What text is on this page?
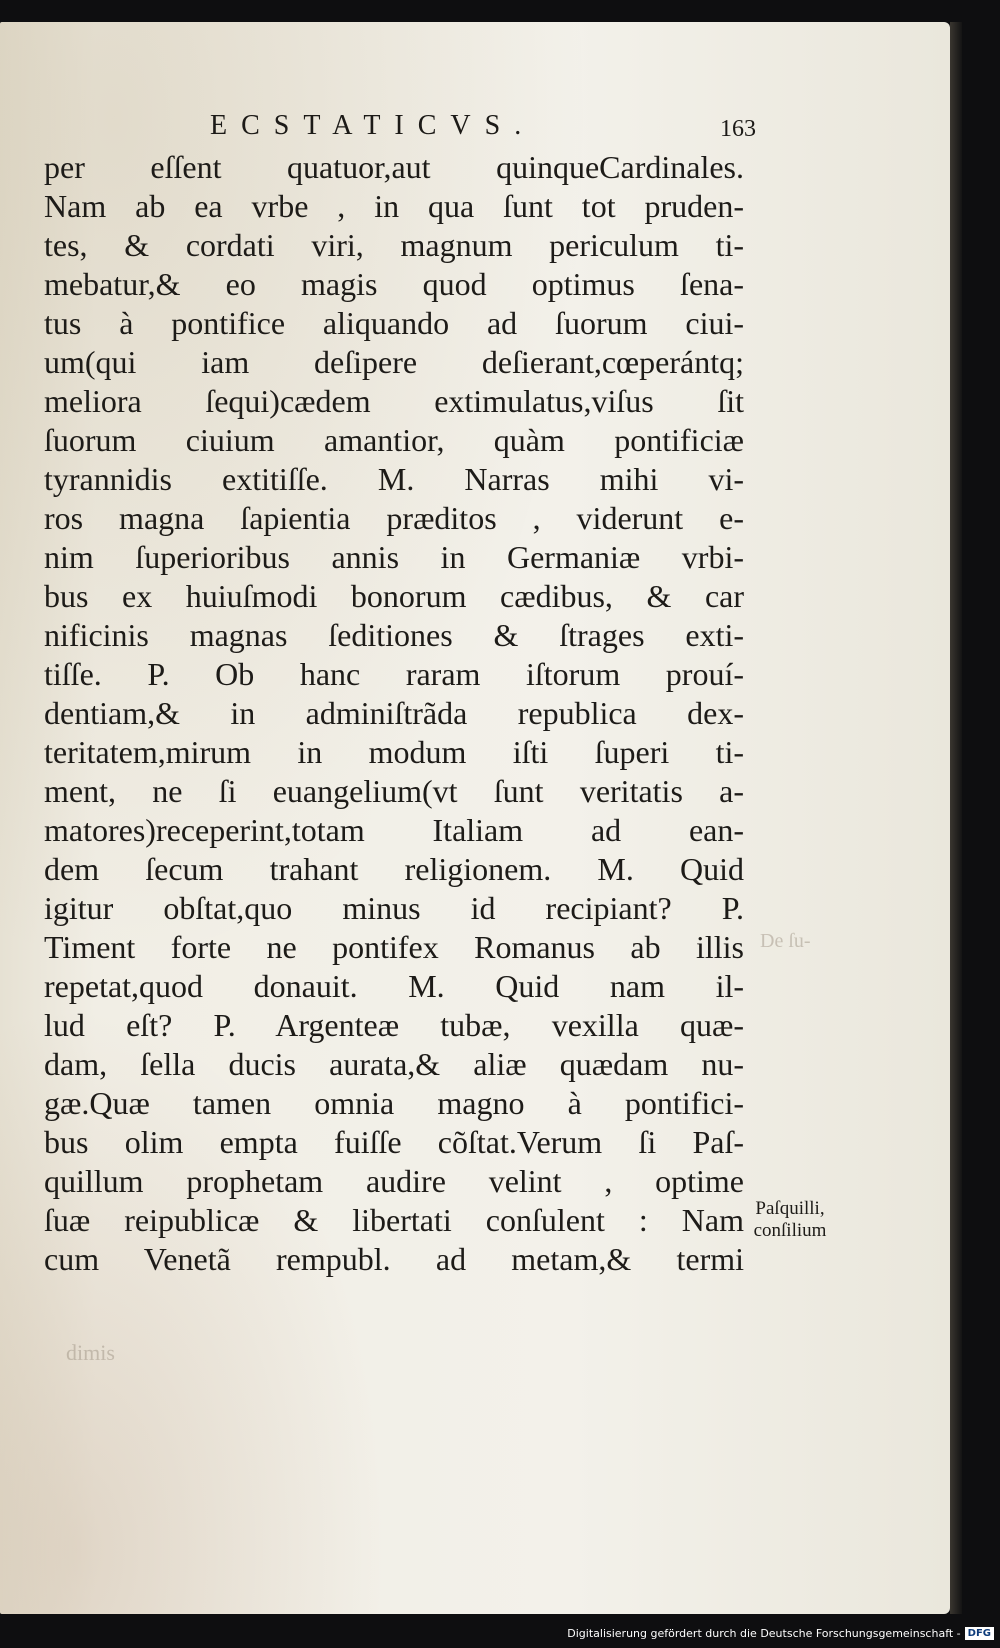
ECSTATICVS.	163
per eſſent quatuor,aut quinqueCardinales.
Nam ab ea vrbe , in qua ſunt tot pruden-
tes, & cordati viri, magnum periculum ti-
mebatur,& eo magis quod optimus ſena-
tus à pontifice aliquando ad ſuorum ciui-
um(qui iam deſipere deſierant,cœperántq;
meliora ſequi)cædem extimulatus,viſus ſit
ſuorum ciuium amantior, quàm pontificiæ
tyrannidis extitiſſe. M. Narras mihi vi-
ros magna ſapientia præditos , viderunt e-
nim ſuperioribus annis in Germaniæ vrbi-
bus ex huiuſmodi bonorum cædibus, & car
nificinis magnas ſeditiones & ſtrages exti-
tiſſe. P. Ob hanc raram iſtorum prouí-
dentiam,& in adminiſtrãda republica dex-
teritatem,mirum in modum iſti ſuperi ti-
ment, ne ſi euangelium(vt ſunt veritatis a-
matores)receperint,totam Italiam ad ean-
dem ſecum trahant religionem. M. Quid
igitur obſtat,quo minus id recipiant? P.
Timent forte ne pontifex Romanus ab illis
repetat,quod donauit. M. Quid nam il-
lud eſt? P. Argenteæ tubæ, vexilla quæ-
dam, ſella ducis aurata,& aliæ quædam nu-
gæ.Quæ tamen omnia magno à pontifici-
bus olim empta fuiſſe cõſtat.Verum ſi Paſ-
quillum prophetam audire velint , optime
ſuæ reipublicæ & libertati conſulent : Nam
cum Venetã rempubl. ad metam,& termi
Paſquilli,
conſilium
De ſu-
dimis
Digitalisierung gefördert durch die Deutsche Forschungsgemeinschaft - DFG
